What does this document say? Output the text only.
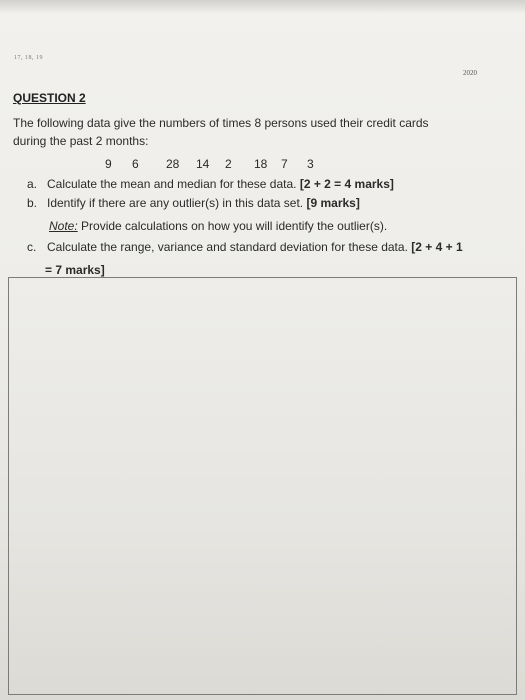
17, 18, 19
2020
QUESTION 2
The following data give the numbers of times 8 persons used their credit cards
during the past 2 months:
9 6 28 14 2 18 7 3
a. Calculate the mean and median for these data. [2 + 2 = 4 marks]
b. Identify if there are any outlier(s) in this data set. [9 marks]
Note: Provide calculations on how you will identify the outlier(s).
c. Calculate the range, variance and standard deviation for these data. [2 + 4 + 1
= 7 marks]
